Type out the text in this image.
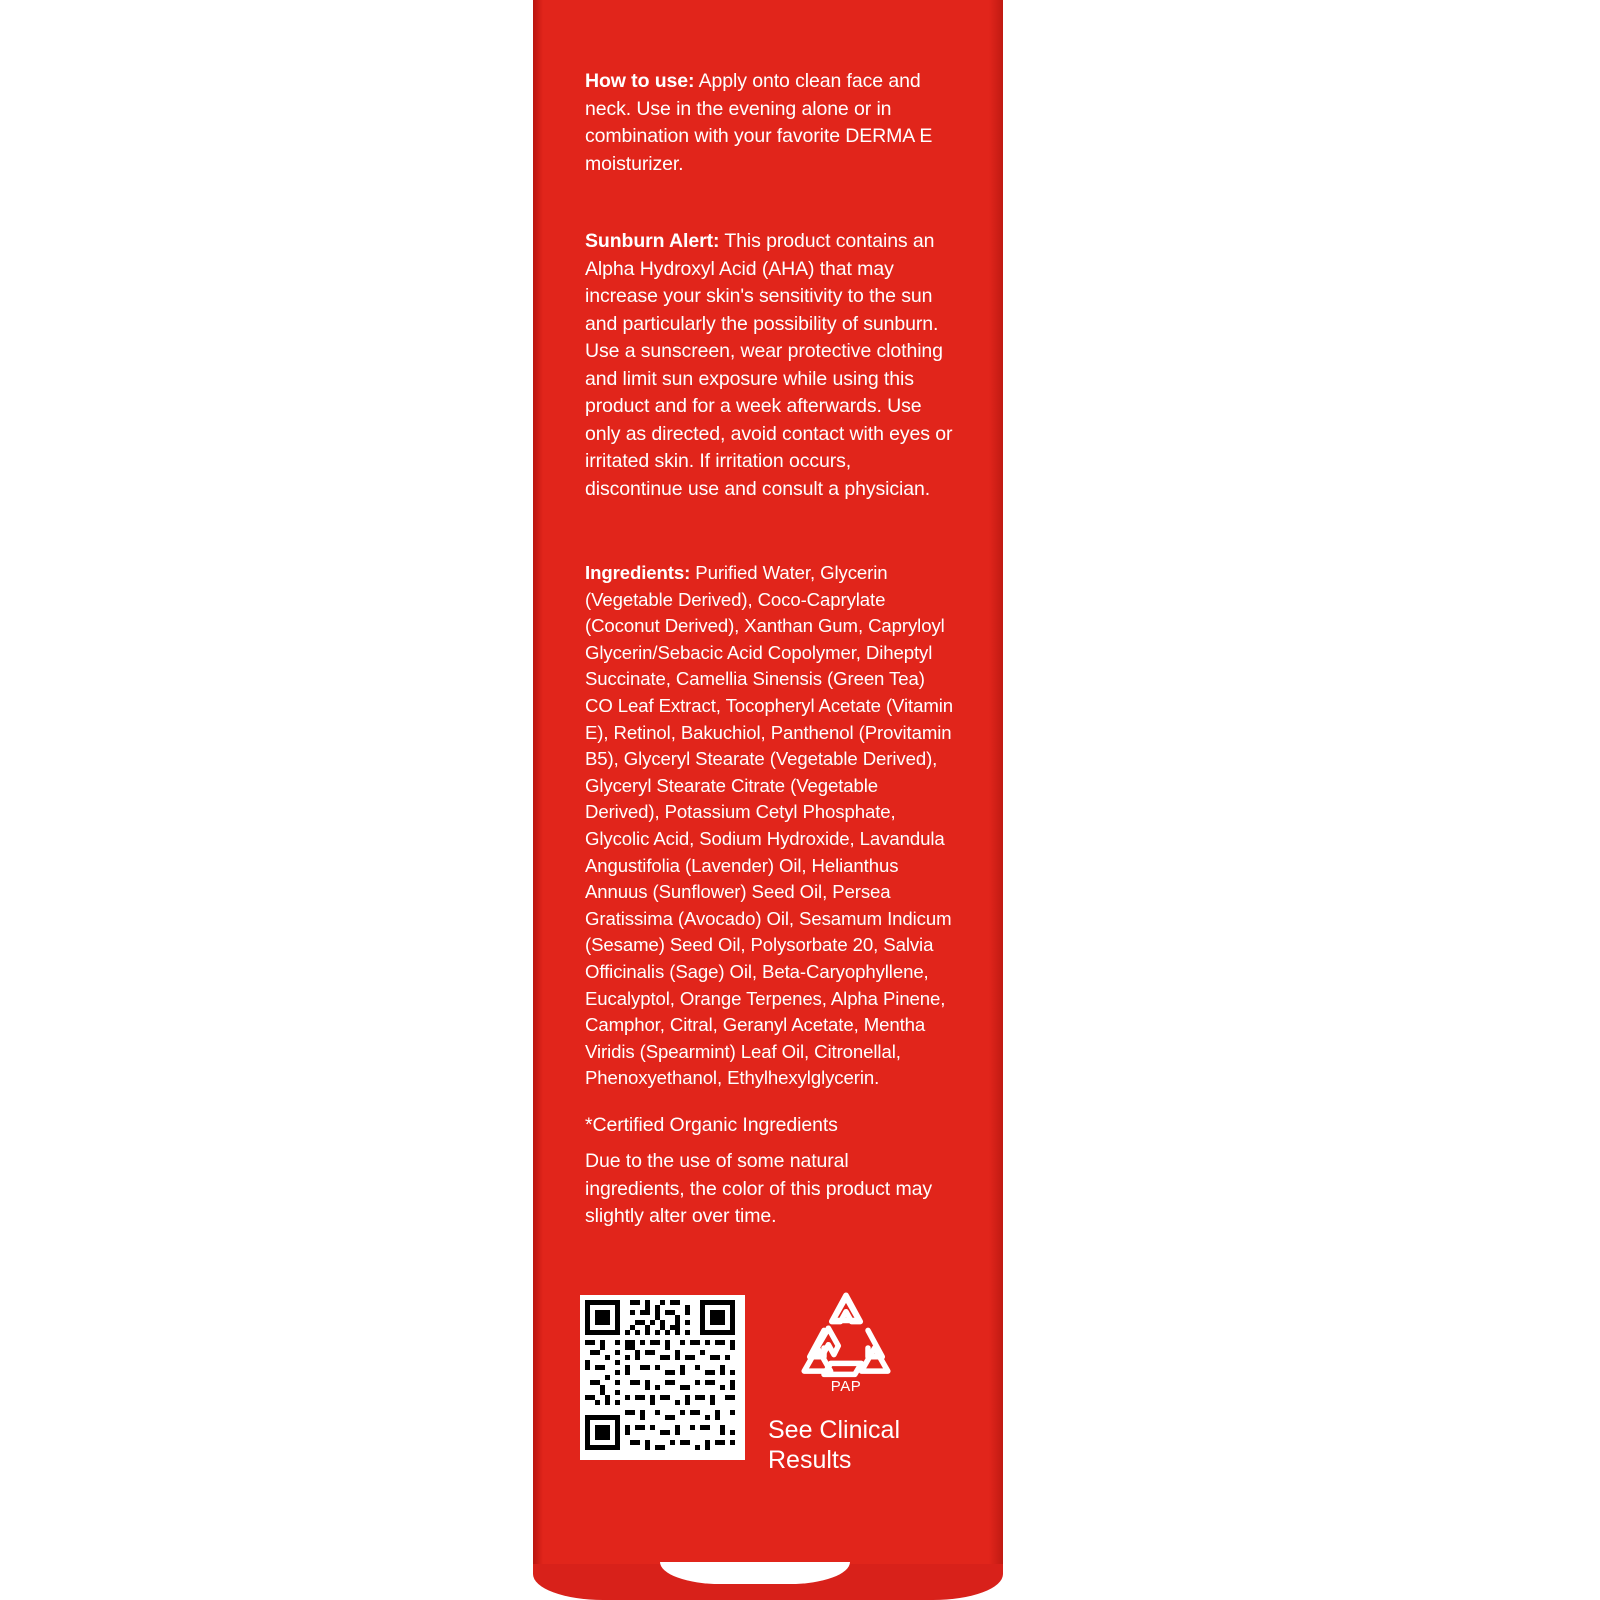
How to use: Apply onto clean face and neck. Use in the evening alone or in combination with your favorite DERMA E moisturizer.
Sunburn Alert: This product contains an Alpha Hydroxyl Acid (AHA) that may increase your skin's sensitivity to the sun and particularly the possibility of sunburn. Use a sunscreen, wear protective clothing and limit sun exposure while using this product and for a week afterwards. Use only as directed, avoid contact with eyes or irritated skin. If irritation occurs, discontinue use and consult a physician.
Ingredients: Purified Water, Glycerin (Vegetable Derived), Coco-Caprylate (Coconut Derived), Xanthan Gum, Capryloyl Glycerin/Sebacic Acid Copolymer, Diheptyl Succinate, Camellia Sinensis (Green Tea) CO Leaf Extract, Tocopheryl Acetate (Vitamin E), Retinol, Bakuchiol, Panthenol (Provitamin B5), Glyceryl Stearate (Vegetable Derived), Glyceryl Stearate Citrate (Vegetable Derived), Potassium Cetyl Phosphate, Glycolic Acid, Sodium Hydroxide, Lavandula Angustifolia (Lavender) Oil, Helianthus Annuus (Sunflower) Seed Oil, Persea Gratissima (Avocado) Oil, Sesamum Indicum (Sesame) Seed Oil, Polysorbate 20, Salvia Officinalis (Sage) Oil, Beta-Caryophyllene, Eucalyptol, Orange Terpenes, Alpha Pinene, Camphor, Citral, Geranyl Acetate, Mentha Viridis (Spearmint) Leaf Oil, Citronellal, Phenoxyethanol, Ethylhexylglycerin.
*Certified Organic Ingredients
Due to the use of some natural ingredients, the color of this product may slightly alter over time.
PAP
See Clinical Results
